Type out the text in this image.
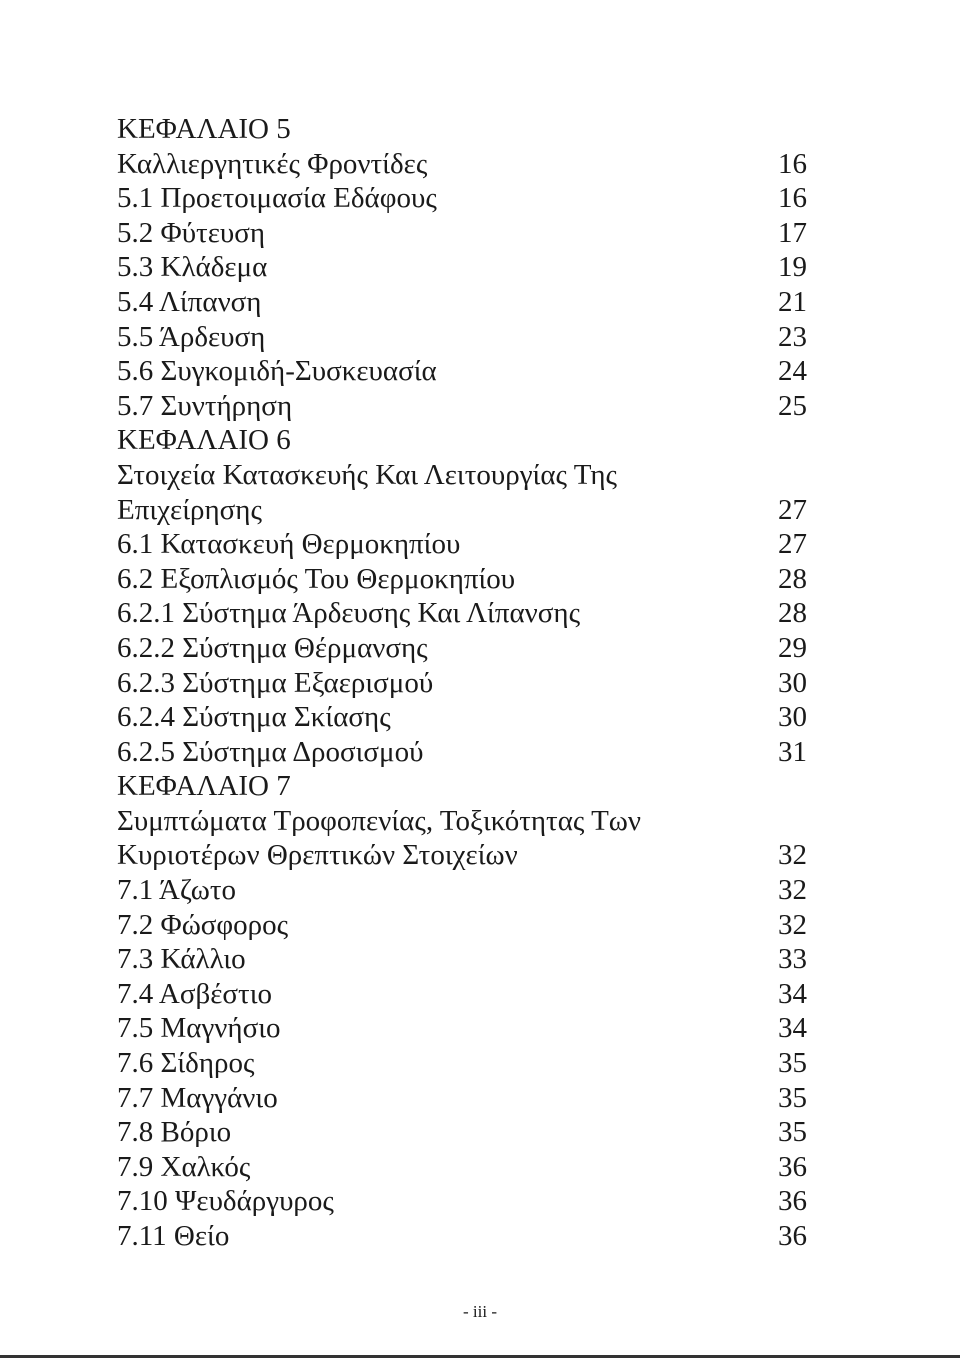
ΚΕΦΑΛΑΙΟ 5
Καλλιεργητικές Φροντίδες	16
5.1 Προετοιμασία Εδάφους	16
5.2 Φύτευση	17
5.3 Κλάδεμα	19
5.4 Λίπανση	21
5.5 Άρδευση	23
5.6 Συγκομιδή-Συσκευασία	24
5.7 Συντήρηση	25
ΚΕΦΑΛΑΙΟ 6
Στοιχεία Κατασκευής Και Λειτουργίας Της
Επιχείρησης	27
6.1 Κατασκευή Θερμοκηπίου	27
6.2 Εξοπλισμός Του Θερμοκηπίου	28
6.2.1 Σύστημα Άρδευσης Και Λίπανσης	28
6.2.2 Σύστημα Θέρμανσης	29
6.2.3 Σύστημα Εξαερισμού	30
6.2.4 Σύστημα Σκίασης	30
6.2.5 Σύστημα Δροσισμού	31
ΚΕΦΑΛΑΙΟ 7
Συμπτώματα Τροφοπενίας, Τοξικότητας Των
Κυριοτέρων Θρεπτικών Στοιχείων	32
7.1 Άζωτο	32
7.2 Φώσφορος	32
7.3 Κάλλιο	33
7.4 Ασβέστιο	34
7.5 Μαγνήσιο	34
7.6 Σίδηρος	35
7.7 Μαγγάνιο	35
7.8 Βόριο	35
7.9 Χαλκός	36
7.10 Ψευδάργυρος	36
7.11 Θείο	36
- iii -
